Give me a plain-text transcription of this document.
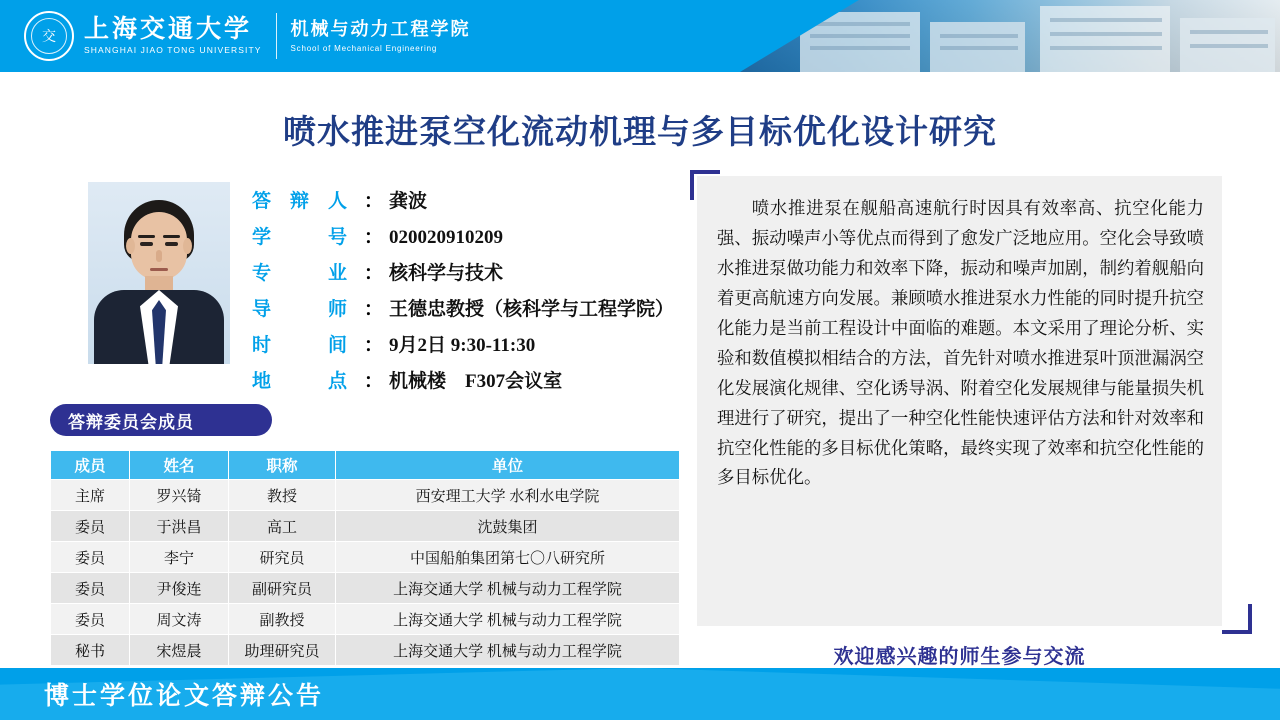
交	上海交通大学
SHANGHAI JIAO TONG UNIVERSITY
机械与动力工程学院
School of Mechanical Engineering
喷水推进泵空化流动机理与多目标优化设计研究
答　辩　人 ： 龚波
学　　　号 ： 020020910209
专　　　业 ： 核科学与技术
导　　　师 ： 王德忠教授（核科学与工程学院）
时　　　间 ： 9月2日 9:30-11:30
地　　　点 ： 机械楼　F307会议室
答辩委员会成员
成员	姓名	职称	单位
主席	罗兴锜	教授	西安理工大学 水利水电学院
委员	于洪昌	高工	沈鼓集团
委员	李宁	研究员	中国船舶集团第七〇八研究所
委员	尹俊连	副研究员	上海交通大学 机械与动力工程学院
委员	周文涛	副教授	上海交通大学 机械与动力工程学院
秘书	宋煜晨	助理研究员	上海交通大学 机械与动力工程学院
喷水推进泵在舰船高速航行时因具有效率高、抗空化能力强、振动噪声小等优点而得到了愈发广泛地应用。空化会导致喷水推进泵做功能力和效率下降，振动和噪声加剧，制约着舰船向着更高航速方向发展。兼顾喷水推进泵水力性能的同时提升抗空化能力是当前工程设计中面临的难题。本文采用了理论分析、实验和数值模拟相结合的方法，首先针对喷水推进泵叶顶泄漏涡空化发展演化规律、空化诱导涡、附着空化发展规律与能量损失机理进行了研究，提出了一种空化性能快速评估方法和针对效率和抗空化性能的多目标优化策略，最终实现了效率和抗空化性能的多目标优化。
欢迎感兴趣的师生参与交流
博士学位论文答辩公告
